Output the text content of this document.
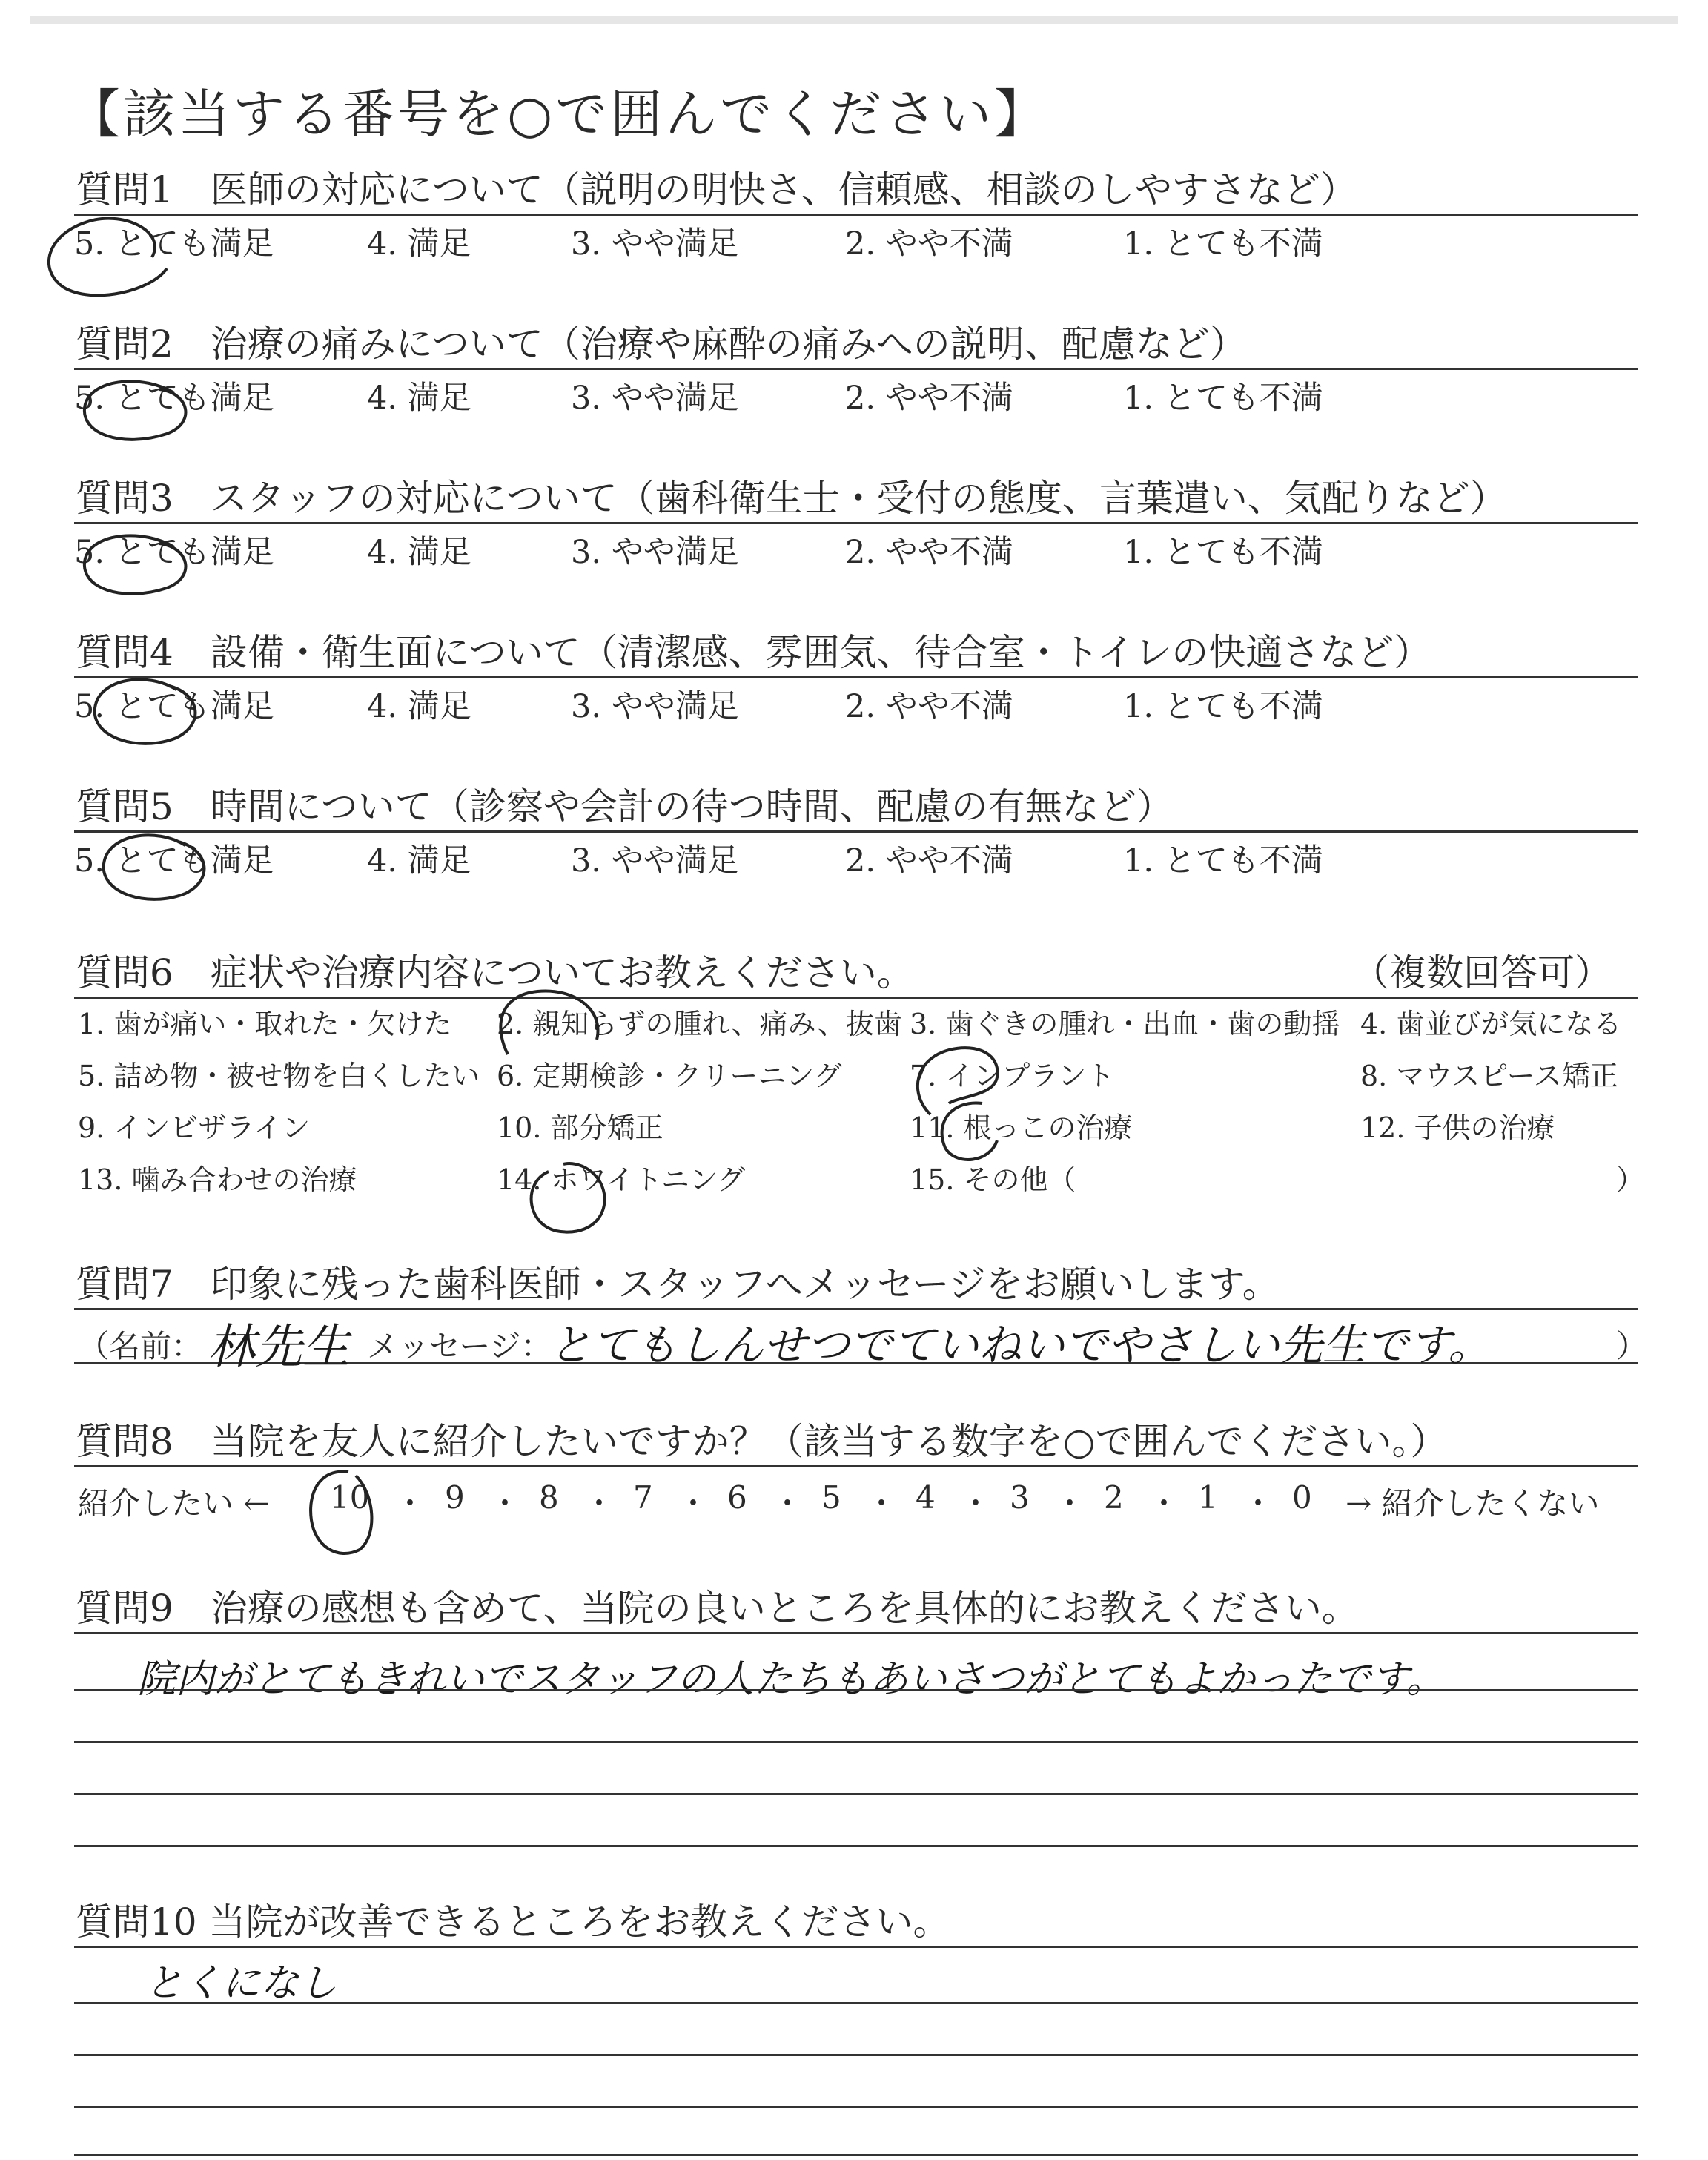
【該当する番号を○で囲んでください】
質問1　医師の対応について（説明の明快さ、信頼感、相談のしやすさなど）
5. とても満足	4. 満足	3. やや満足	2. やや不満	1. とても不満
質問2　治療の痛みについて（治療や麻酔の痛みへの説明、配慮など）
5. とても満足	4. 満足	3. やや満足	2. やや不満	1. とても不満
質問3　スタッフの対応について（歯科衛生士・受付の態度、言葉遣い、気配りなど）
5. とても満足	4. 満足	3. やや満足	2. やや不満	1. とても不満
質問4　設備・衛生面について（清潔感、雰囲気、待合室・トイレの快適さなど）
5. とても満足	4. 満足	3. やや満足	2. やや不満	1. とても不満
質問5　時間について（診察や会計の待つ時間、配慮の有無など）
5. とても満足	4. 満足	3. やや満足	2. やや不満	1. とても不満
質問6　症状や治療内容についてお教えください。	（複数回答可）
1. 歯が痛い・取れた・欠けた 2. 親知らずの腫れ、痛み、抜歯 3. 歯ぐきの腫れ・出血・歯の動揺 4. 歯並びが気になる
5. 詰め物・被せ物を白くしたい 6. 定期検診・クリーニング 7. インプラント	8. マウスピース矯正
9. インビザライン	10. 部分矯正	11. 根っこの治療	12. 子供の治療
13. 噛み合わせの治療	14. ホワイトニング	15. その他（	）
質問7　印象に残った歯科医師・スタッフへメッセージをお願いします。
（名前： 林先生 メッセージ：
とてもしんせつでていねいでやさしい先生です。	）
質問8　当院を友人に紹介したいですか？（該当する数字を○で囲んでください。）
紹介したい ← 10 ・ 9 ・ 8 ・ 7 ・ 6 ・ 5 ・ 4 ・ 3 ・ 2 ・ 1 ・ 0 → 紹介したくない
質問9　治療の感想も含めて、当院の良いところを具体的にお教えください。
院内がとてもきれいでスタッフの人たちもあいさつがとてもよかったです。
質問10 当院が改善できるところをお教えください。
とくになし
